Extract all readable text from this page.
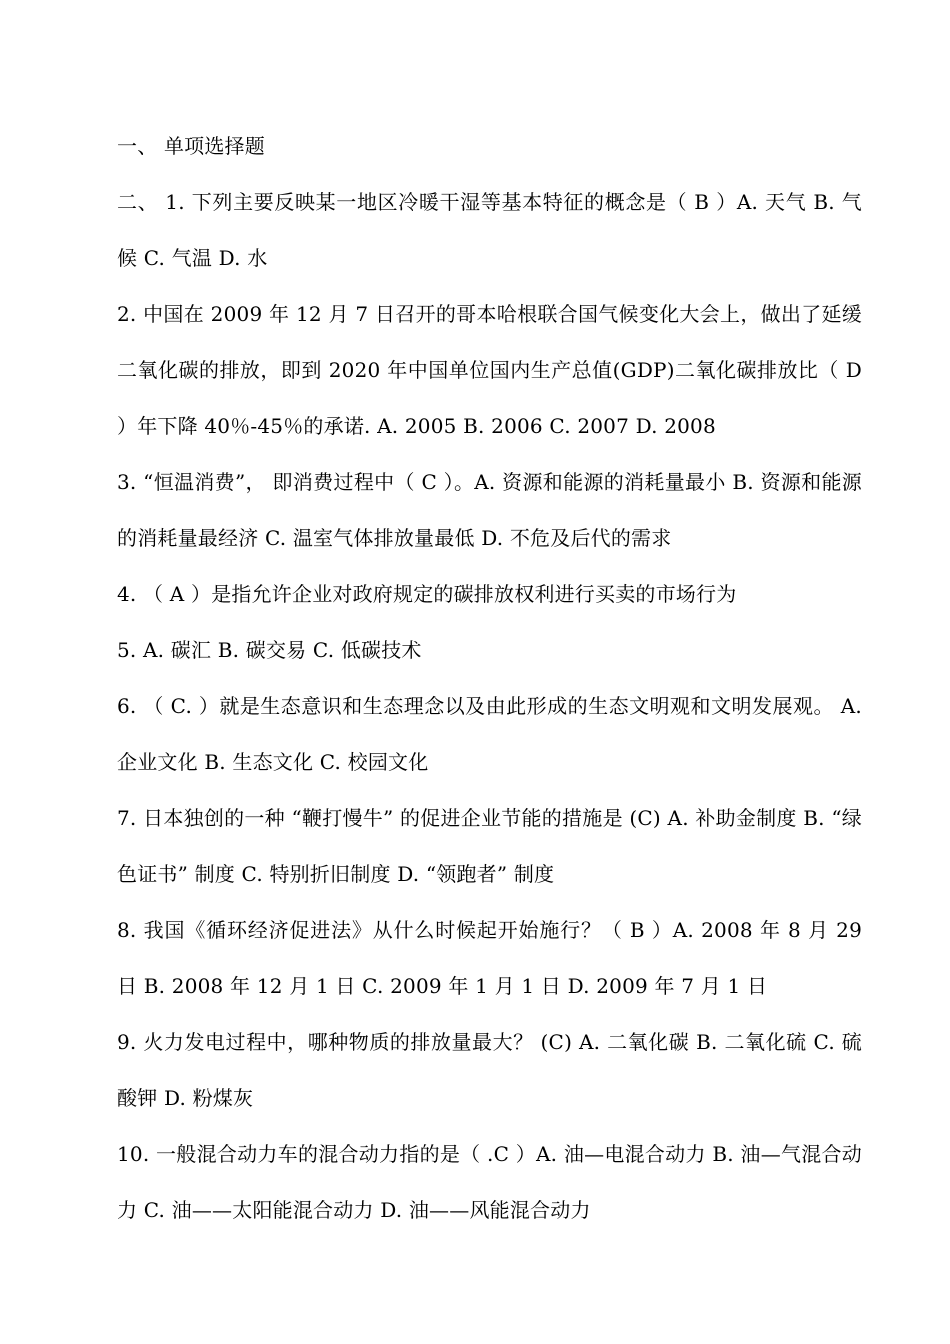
一、 单项选择题

二、 1. 下列主要反映某一地区冷暖干湿等基本特征的概念是（ B ）A. 天气 B. 气候 C. 气温 D. 水

2. 中国在 2009 年 12 月 7 日召开的哥本哈根联合国气候变化大会上，做出了延缓二氧化碳的排放，即到 2020 年中国单位国内生产总值(GDP)二氧化碳排放比（ D ）年下降 40％-45％的承诺. A. 2005 B. 2006 C. 2007 D. 2008

3. “恒温消费”， 即消费过程中（ C ）。A. 资源和能源的消耗量最小 B. 资源和能源的消耗量最经济 C. 温室气体排放量最低 D. 不危及后代的需求

4. （ A ）是指允许企业对政府规定的碳排放权利进行买卖的市场行为

5. A. 碳汇 B. 碳交易 C. 低碳技术

6. （ C. ）就是生态意识和生态理念以及由此形成的生态文明观和文明发展观。 A. 企业文化 B. 生态文化 C. 校园文化

7. 日本独创的一种 “鞭打慢牛” 的促进企业节能的措施是 (C) A. 补助金制度 B. “绿色证书” 制度 C. 特别折旧制度 D. “领跑者” 制度

8. 我国《循环经济促进法》从什么时候起开始施行？（ B ）A. 2008 年 8 月 29 日 B. 2008 年 12 月 1 日 C. 2009 年 1 月 1 日 D. 2009 年 7 月 1 日

9. 火力发电过程中，哪种物质的排放量最大？ (C) A. 二氧化碳 B. 二氧化硫 C. 硫酸钾 D. 粉煤灰

10. 一般混合动力车的混合动力指的是（ .C ）A. 油—电混合动力 B. 油—气混合动力 C. 油——太阳能混合动力 D. 油——风能混合动力
